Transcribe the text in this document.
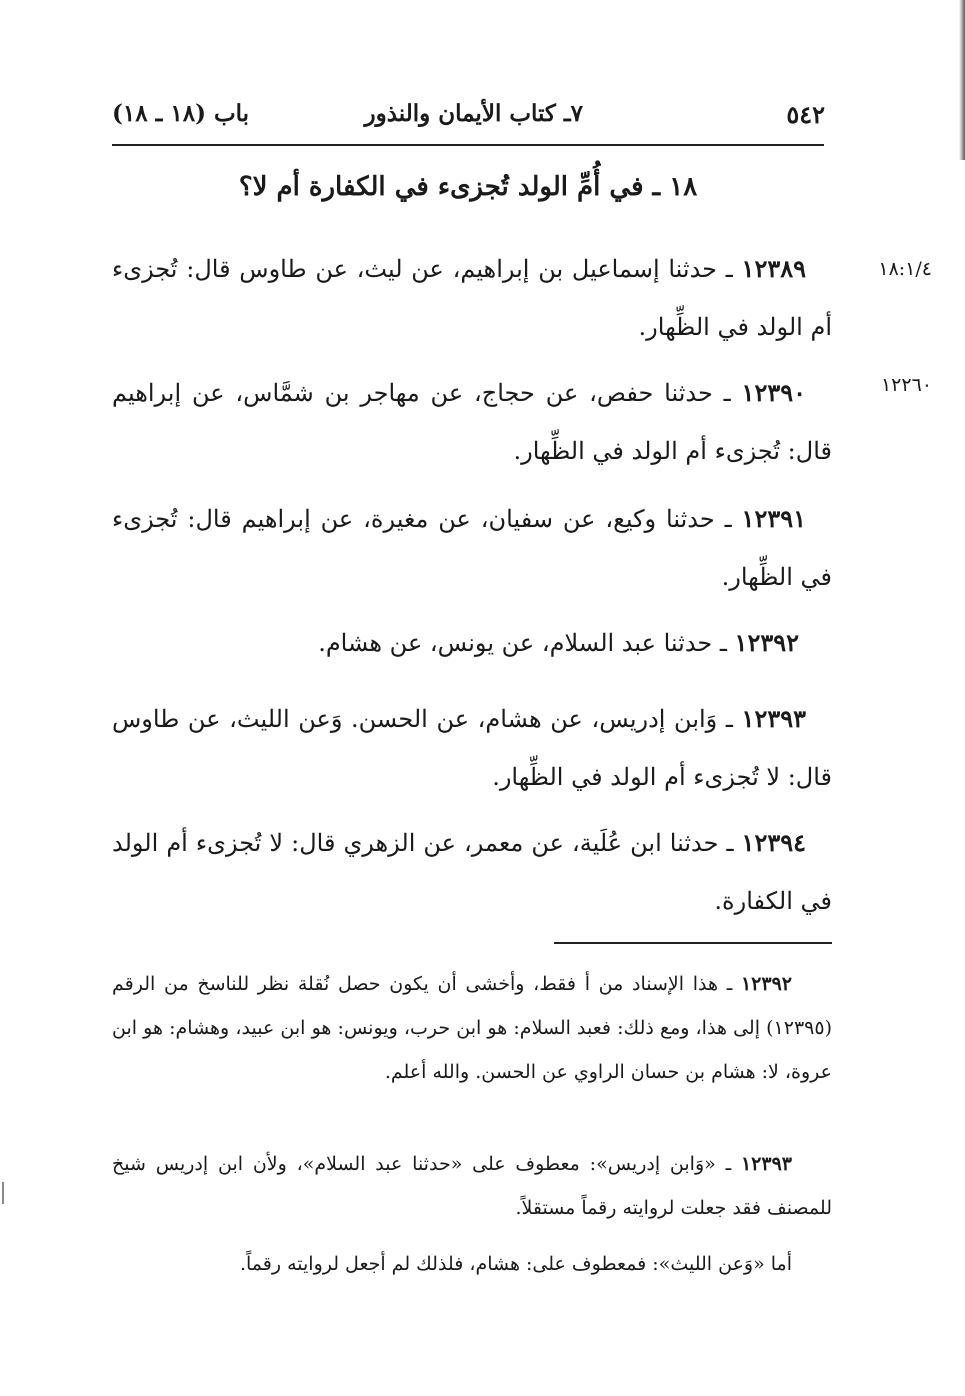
٥٤٢
٧ـ كتاب الأيمان والنذور
باب (١٨ ـ ١٨)
١٨ ـ في أُمِّ الولد تُجزىء في الكفارة أم لا؟
١٨:١/٤
١٢٢٦٠
١٢٣٨٩ ـ حدثنا إسماعيل بن إبراهيم، عن ليث، عن طاوس قال: تُجزىء أم الولد في الظِّهار.
١٢٣٩٠ ـ حدثنا حفص، عن حجاج، عن مهاجر بن شمَّاس، عن إبراهيم قال: تُجزىء أم الولد في الظِّهار.
١٢٣٩١ ـ حدثنا وكيع، عن سفيان، عن مغيرة، عن إبراهيم قال: تُجزىء في الظِّهار.
١٢٣٩٢ ـ حدثنا عبد السلام، عن يونس، عن هشام.
١٢٣٩٣ ـ وَابن إدريس، عن هشام، عن الحسن. وَعن الليث، عن طاوس قال: لا تُجزىء أم الولد في الظِّهار.
١٢٣٩٤ ـ حدثنا ابن عُلَية، عن معمر، عن الزهري قال: لا تُجزىء أم الولد في الكفارة.
١٢٣٩٢ ـ هذا الإسناد من أ فقط، وأخشى أن يكون حصل نُقلة نظر للناسخ من الرقم (١٢٣٩٥) إلى هذا، ومع ذلك: فعبد السلام: هو ابن حرب، ويونس: هو ابن عبيد، وهشام: هو ابن عروة، لا: هشام بن حسان الراوي عن الحسن. والله أعلم.
١٢٣٩٣ ـ «وَابن إدريس»: معطوف على «حدثنا عبد السلام»، ولأن ابن إدريس شيخ للمصنف فقد جعلت لروايته رقماً مستقلاً.
أما «وَعن الليث»: فمعطوف على: هشام، فلذلك لم أجعل لروايته رقماً.
